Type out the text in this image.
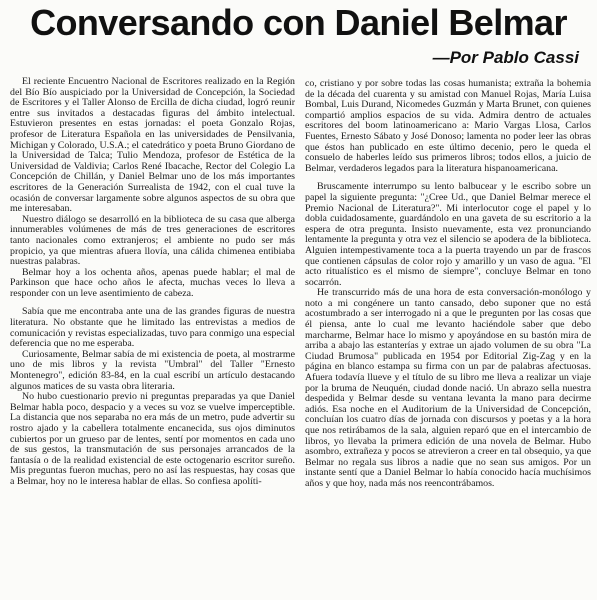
Conversando con Daniel Belmar
—Por Pablo Cassi

El reciente Encuentro Nacional de Escritores realizado en la Región del Bío Bío auspiciado por la Universidad de Concepción, la Sociedad de Escritores y el Taller Alonso de Ercilla de dicha ciudad, logró reunir entre sus invitados a destacadas figuras del ámbito intelectual. Estuvieron presentes en estas jornadas: el poeta Gonzalo Rojas, profesor de Literatura Española en las universidades de Pensilvania, Michigan y Colorado, U.S.A.; el catedrático y poeta Bruno Giordano de la Universidad de Talca; Tulio Mendoza, profesor de Estética de la Universidad de Valdivia; Carlos René Ibacache, Rector del Colegio La Concepción de Chillán, y Daniel Belmar uno de los más importantes escritores de la Generación Surrealista de 1942, con el cual tuve la ocasión de conversar largamente sobre algunos aspectos de su obra que me interesaban.

Nuestro diálogo se desarrolló en la biblioteca de su casa que alberga innumerables volúmenes de más de tres generaciones de escritores tanto nacionales como extranjeros; el ambiente no pudo ser más propicio, ya que mientras afuera llovía, una cálida chimenea entibiaba nuestras palabras.

Belmar hoy a los ochenta años, apenas puede hablar; el mal de Parkinson que hace ocho años le afecta, muchas veces lo lleva a responder con un leve asentimiento de cabeza.

Sabía que me encontraba ante una de las grandes figuras de nuestra literatura. No obstante que he limitado las entrevistas a medios de comunicación y revistas especializadas, tuvo para conmigo una especial deferencia que no me esperaba.

Curiosamente, Belmar sabía de mi existencia de poeta, al mostrarme uno de mis libros y la revista "Umbral" del Taller "Ernesto Montenegro", edición 83-84, en la cual escribí un artículo destacando algunos matices de su vasta obra literaria.

No hubo cuestionario previo ni preguntas preparadas ya que Daniel Belmar habla poco, despacio y a veces su voz se vuelve imperceptible. La distancia que nos separaba no era más de un metro, pude advertir su rostro ajado y la cabellera totalmente encanecida, sus ojos diminutos cubiertos por un grueso par de lentes, sentí por momentos en cada uno de sus gestos, la transmutación de sus personajes arrancados de la fantasía o de la realidad existencial de este octogenario escritor sureño. Mis preguntas fueron muchas, pero no así las respuestas, hay cosas que a Belmar, hoy no le interesa hablar de ellas. So confiesa apolíti-

co, cristiano y por sobre todas las cosas humanista; extraña la bohemia de la década del cuarenta y su amistad con Manuel Rojas, María Luisa Bombal, Luis Durand, Nicomedes Guzmán y Marta Brunet, con quienes compartió amplios espacios de su vida. Admira dentro de actuales escritores del boom latinoamericano a: Mario Vargas Llosa, Carlos Fuentes, Ernesto Sábato y José Donoso; lamenta no poder leer las obras que éstos han publicado en este último decenio, pero le queda el consuelo de haberles leído sus primeros libros; todos ellos, a juicio de Belmar, verdaderos legados para la literatura hispanoamericana.

Bruscamente interrumpo su lento balbucear y le escribo sobre un papel la siguiente pregunta: "¿Cree Ud., que Daniel Belmar merece el Premio Nacional de Literatura?". Mi interlocutor coge el papel y lo dobla cuidadosamente, guardándolo en una gaveta de su escritorio a la espera de otra pregunta. Insisto nuevamente, esta vez pronunciando lentamente la pregunta y otra vez el silencio se apodera de la biblioteca. Alguien intempestivamente toca a la puerta trayendo un par de frascos que contienen cápsulas de color rojo y amarillo y un vaso de agua. "El acto ritualístico es el mismo de siempre", concluye Belmar en tono socarrón.

He transcurrido más de una hora de esta conversación-monólogo y noto a mi congénere un tanto cansado, debo suponer que no está acostumbrado a ser interrogado ni a que le pregunten por las cosas que él piensa, ante lo cual me levanto haciéndole saber que debo marcharme, Belmar hace lo mismo y apoyándose en su bastón mira de arriba a abajo las estanterías y extrae un ajado volumen de su obra "La Ciudad Brumosa" publicada en 1954 por Editorial Zig-Zag y en la página en blanco estampa su firma con un par de palabras afectuosas. Afuera todavía llueve y el título de su libro me lleva a realizar un viaje por la bruma de Neuquén, ciudad donde nació. Un abrazo sella nuestra despedida y Belmar desde su ventana levanta la mano para decirme adiós. Esa noche en el Auditorium de la Universidad de Concepción, concluían los cuatro días de jornada con discursos y poetas y a la hora que nos retirábamos de la sala, alguien reparó que en el intercambio de libros, yo llevaba la primera edición de una novela de Belmar. Hubo asombro, extrañeza y pocos se atrevieron a creer en tal obsequio, ya que Belmar no regala sus libros a nadie que no sean sus amigos. Por un instante sentí que a Daniel Belmar lo había conocido hacía muchísimos años y que hoy, nada más nos reencontrábamos.
